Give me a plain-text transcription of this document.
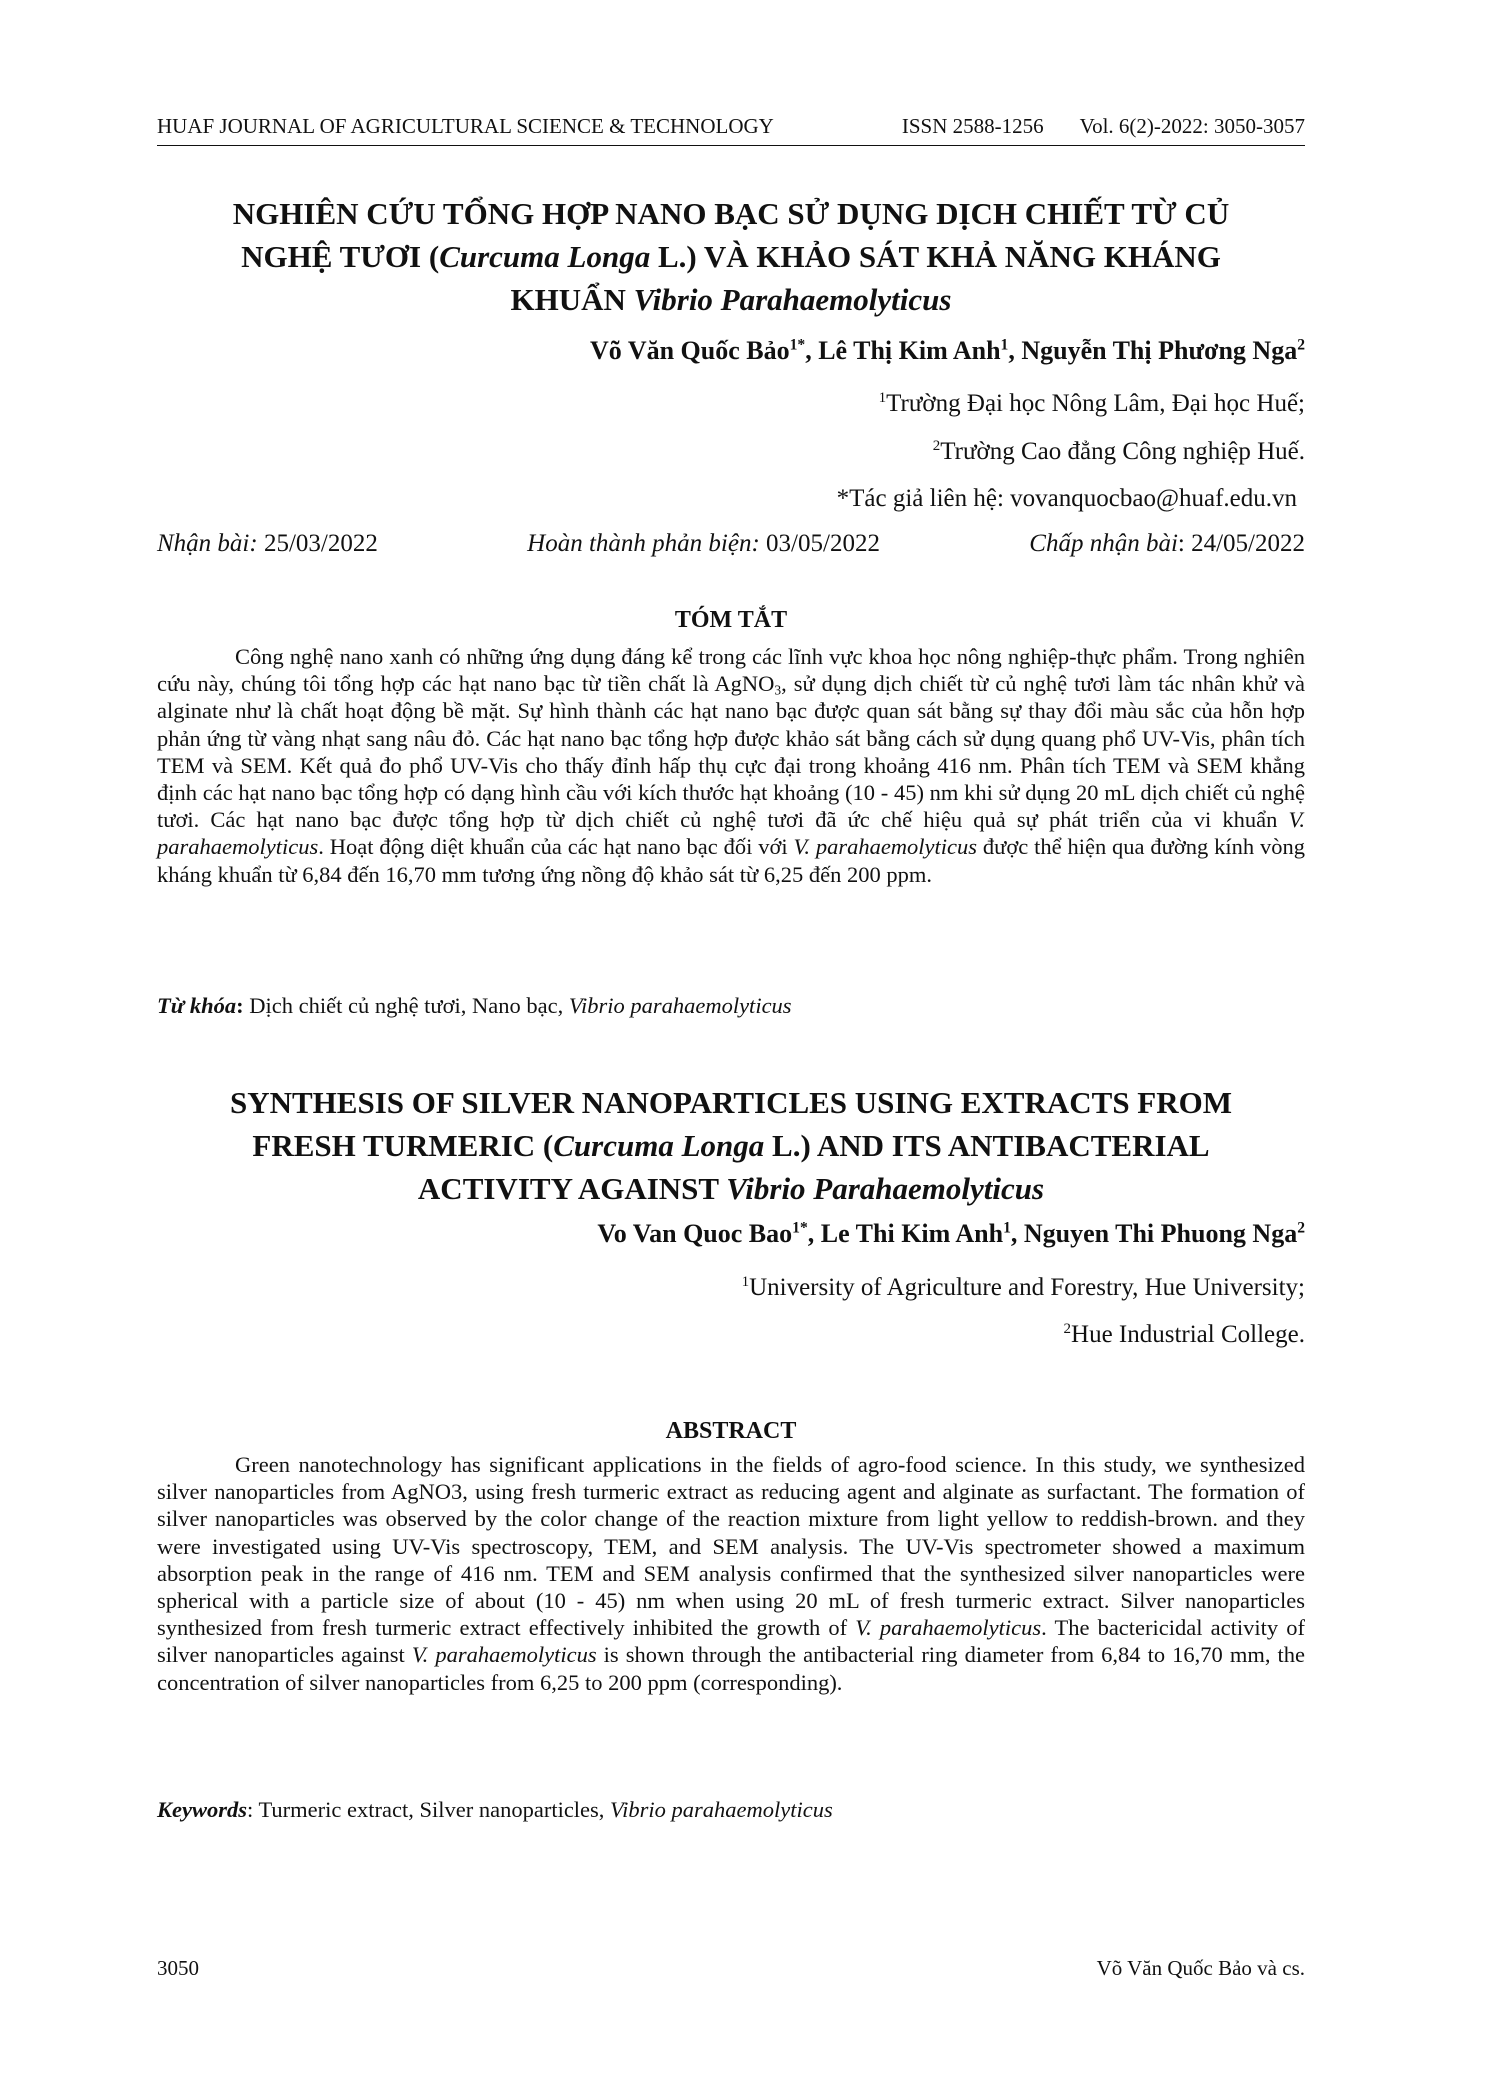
HUAF JOURNAL OF AGRICULTURAL SCIENCE & TECHNOLOGY	ISSN 2588-1256 Vol. 6(2)-2022: 3050-3057
NGHIÊN CỨU TỔNG HỢP NANO BẠC SỬ DỤNG DỊCH CHIẾT TỪ CỦ
NGHỆ TƯƠI (Curcuma Longa L.) VÀ KHẢO SÁT KHẢ NĂNG KHÁNG
KHUẨN Vibrio Parahaemolyticus
Võ Văn Quốc Bảo$^{1*}$, Lê Thị Kim Anh$^1$, Nguyễn Thị Phương Nga$^2$
$^1$Trường Đại học Nông Lâm, Đại học Huế;
$^2$Trường Cao đẳng Công nghiệp Huế.
*Tác giả liên hệ: vovanquocbao@huaf.edu.vn
Nhận bài: 25/03/2022	Hoàn thành phản biện: 03/05/2022	Chấp nhận bài: 24/05/2022
TÓM TẮT

Công nghệ nano xanh có những ứng dụng đáng kể trong các lĩnh vực khoa học nông nghiệp-thực phẩm. Trong nghiên cứu này, chúng tôi tổng hợp các hạt nano bạc từ tiền chất là AgNO$_3$, sử dụng dịch chiết từ củ nghệ tươi làm tác nhân khử và alginate như là chất hoạt động bề mặt. Sự hình thành các hạt nano bạc được quan sát bằng sự thay đổi màu sắc của hỗn hợp phản ứng từ vàng nhạt sang nâu đỏ. Các hạt nano bạc tổng hợp được khảo sát bằng cách sử dụng quang phổ UV-Vis, phân tích TEM và SEM. Kết quả đo phổ UV-Vis cho thấy đỉnh hấp thụ cực đại trong khoảng 416 nm. Phân tích TEM và SEM khẳng định các hạt nano bạc tổng hợp có dạng hình cầu với kích thước hạt khoảng (10 - 45) nm khi sử dụng 20 mL dịch chiết củ nghệ tươi. Các hạt nano bạc được tổng hợp từ dịch chiết củ nghệ tươi đã ức chế hiệu quả sự phát triển của vi khuẩn V. parahaemolyticus. Hoạt động diệt khuẩn của các hạt nano bạc đối với V. parahaemolyticus được thể hiện qua đường kính vòng kháng khuẩn từ 6,84 đến 16,70 mm tương ứng nồng độ khảo sát từ 6,25 đến 200 ppm.

Từ khóa: Dịch chiết củ nghệ tươi, Nano bạc, Vibrio parahaemolyticus
SYNTHESIS OF SILVER NANOPARTICLES USING EXTRACTS FROM
FRESH TURMERIC (Curcuma Longa L.) AND ITS ANTIBACTERIAL
ACTIVITY AGAINST Vibrio Parahaemolyticus
Vo Van Quoc Bao$^{1*}$, Le Thi Kim Anh$^1$, Nguyen Thi Phuong Nga$^2$
$^1$University of Agriculture and Forestry, Hue University;
$^2$Hue Industrial College.
ABSTRACT

Green nanotechnology has significant applications in the fields of agro-food science. In this study, we synthesized silver nanoparticles from AgNO3, using fresh turmeric extract as reducing agent and alginate as surfactant. The formation of silver nanoparticles was observed by the color change of the reaction mixture from light yellow to reddish-brown. and they were investigated using UV-Vis spectroscopy, TEM, and SEM analysis. The UV-Vis spectrometer showed a maximum absorption peak in the range of 416 nm. TEM and SEM analysis confirmed that the synthesized silver nanoparticles were spherical with a particle size of about (10 - 45) nm when using 20 mL of fresh turmeric extract. Silver nanoparticles synthesized from fresh turmeric extract effectively inhibited the growth of V. parahaemolyticus. The bactericidal activity of silver nanoparticles against V. parahaemolyticus is shown through the antibacterial ring diameter from 6,84 to 16,70 mm, the concentration of silver nanoparticles from 6,25 to 200 ppm (corresponding).

Keywords: Turmeric extract, Silver nanoparticles, Vibrio parahaemolyticus
3050	Võ Văn Quốc Bảo và cs.
